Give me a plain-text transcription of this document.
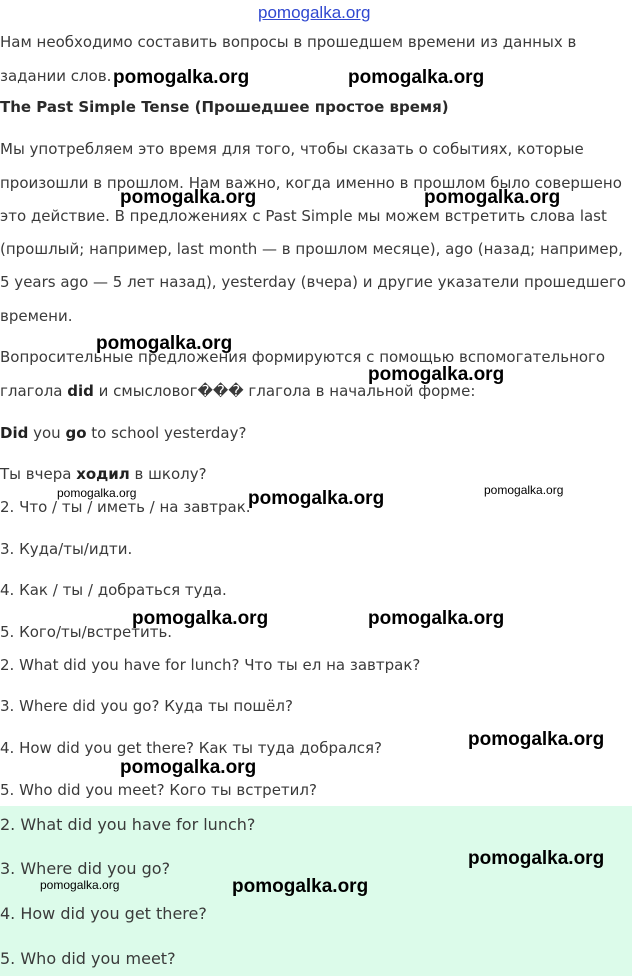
Нам необходимо составить вопросы в прошедшем времени из данных в
задании слов.
The Past Simple Tense (Прошедшее простое время)
Мы употребляем это время для того, чтобы сказать о событиях, которые
произошли в прошлом. Нам важно, когда именно в прошлом было совершено
это действие. В предложениях с Past Simple мы можем встретить слова last
(прошлый; например, last month — в прошлом месяце), ago (назад; например,
5 years ago — 5 лет назад), yesterday (вчера) и другие указатели прошедшего
времени.
Вопросительные предложения формируются с помощью вспомогательного
глагола did и смысловог��� глагола в начальной форме:
Did you go to school yesterday?
Ты вчера ходил в школу?
2. Что / ты / иметь / на завтрак.
3. Куда/ты/идти.
4. Как / ты / добраться туда.
5. Кого/ты/встретить.
2. What did you have for lunch? Что ты ел на завтрак?
3. Where did you go? Куда ты пошёл?
4. How did you get there? Как ты туда добрался?
5. Who did you meet? Кого ты встретил?
2. What did you have for lunch?
3. Where did you go?
4. How did you get there?
5. Who did you meet?
pomogalka.org
pomogalka.org	pomogalka.org
pomogalka.org	pomogalka.org
pomogalka.org
pomogalka.org
pomogalka.org	pomogalka.org	pomogalka.org
pomogalka.org	pomogalka.org
pomogalka.org
pomogalka.org
pomogalka.org
pomogalka.org	pomogalka.org
